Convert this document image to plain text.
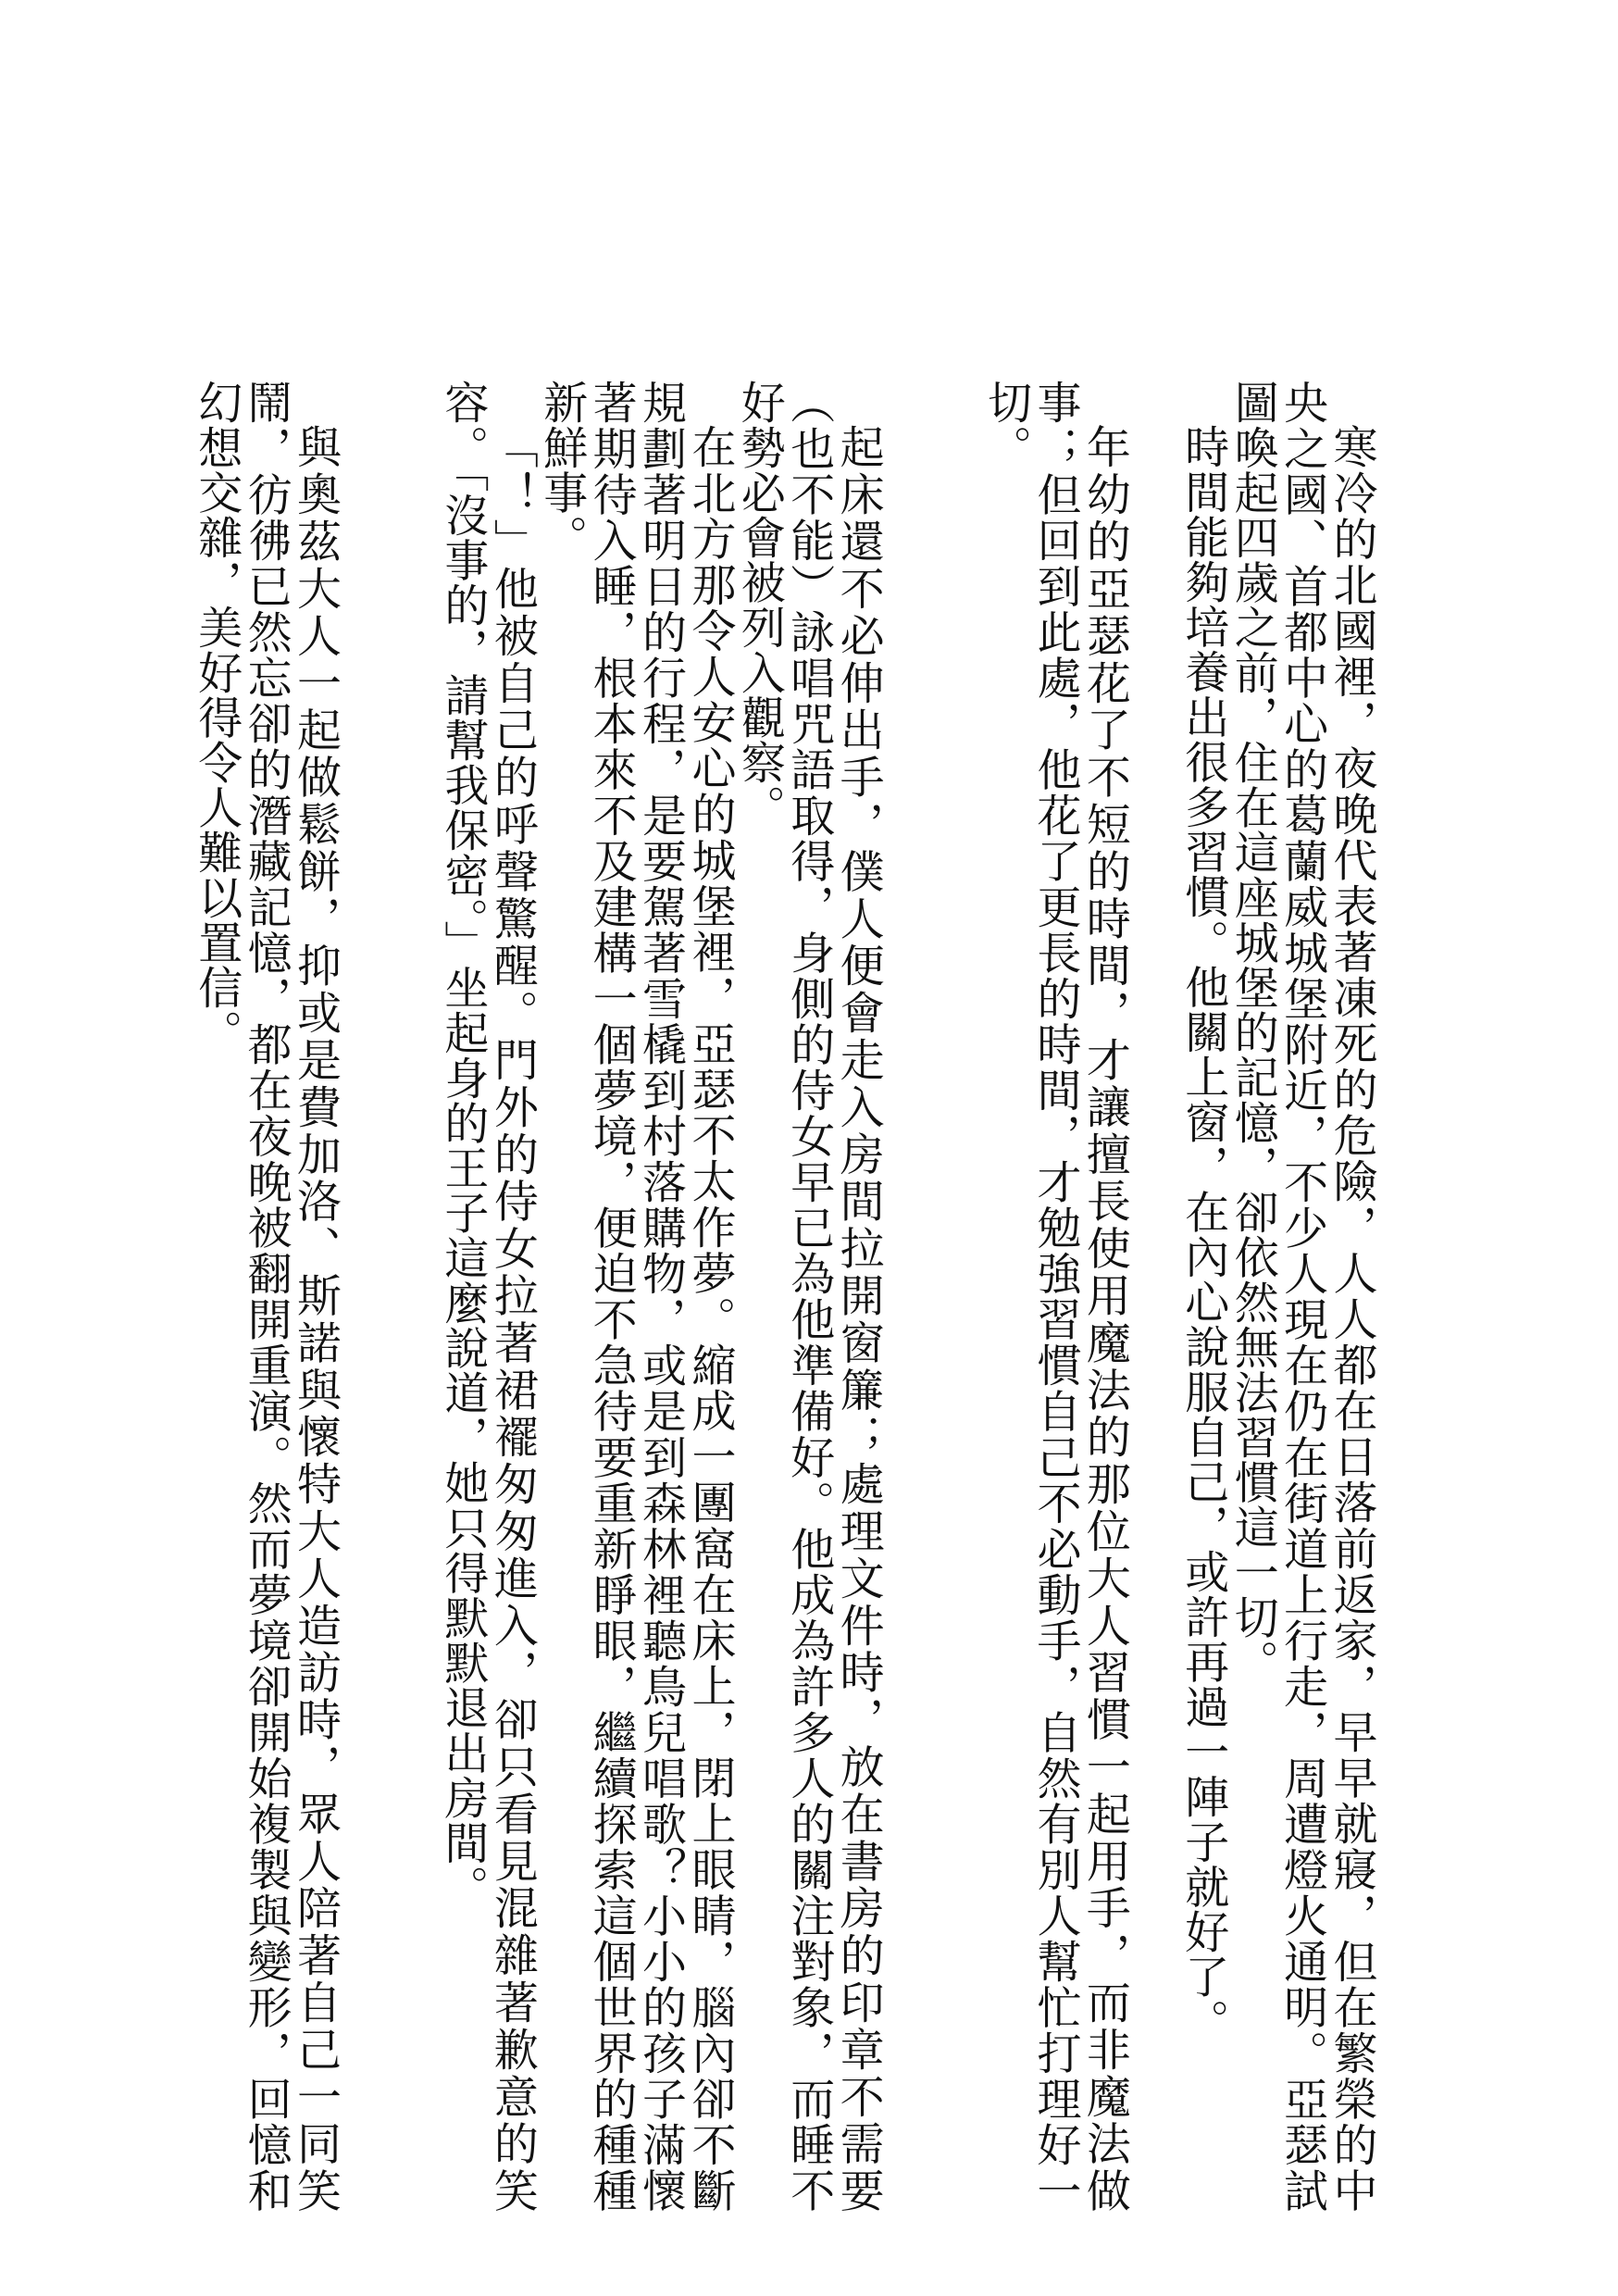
寒冷的北國裡，夜晚代表著凍死的危險，人人都在日落前返家，早早就寢，但在繁榮的中央之國、首都中心的葛蘭威城堡附近，不少人現在仍在街道上行走，周遭燈火通明。亞瑟試圖喚起四歲之前，住在這座城堡的記憶，卻依然無法習慣這一切。

時間能夠培養出很多習慣。他關上窗，在內心說服自己，或許再過一陣子就好了。

年幼的亞瑟花了不短的時間，才讓擅長使用魔法的那位大人習慣一起用手，而非魔法做事；但回到此處，他花了更長的時間，才勉強習慣自己不必動手，自然有別人幫忙打理好一切。

起床還不必伸出手，僕人便會走入房間拉開窗簾；處理文件時，放在書房的印章不需要（也不能）詠唱咒語取得，身側的侍女早已為他準備好。他成為許多人的關注對象，而睡不好勢必會被列入觀察。

在北方那令人安心的城堡裡，亞瑟不太作夢。縮成一團窩在床上，閉上眼睛，腦內卻不斷規劃著明日的行程，是要駕著雪橇到村落購物，或是到森林裡聽鳥兒唱歌？小小的孩子滿懷著期待入睡，根本來不及建構一個夢境，便迫不急待要重新睜眼，繼續探索這個世界的種種新鮮事。

「！」他被自己的呼聲驚醒。門外的侍女拉著裙襬匆匆進入，卻只看見混雜著歉意的笑容。「沒事的，請幫我保密。」坐起身的王子這麼說道，她只得默默退出房間。

與奧茲大人一起做鬆餅，抑或是費加洛、斯諾與懷特大人造訪時，眾人陪著自己一同笑鬧，彷彿已然忘卻的潛藏記憶，都在夜晚被翻開重演。然而夢境卻開始複製與變形，回憶和幻想交雜，美好得令人難以置信。
